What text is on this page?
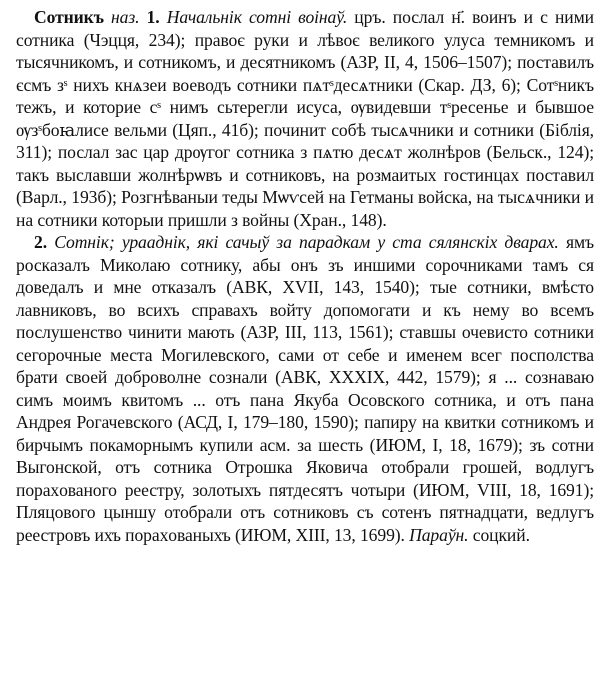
Сотникъ наз. 1. Начальнік сотні воінаў. цръ. послал н҃. воинъ и с ними сотника (Чэцця, 234); правоє руки и лѣвоє великого улуса темникомъ и тысячникомъ, и сотникомъ, и десятникомъ (АЗР, II, 4, 1506–1507); поставилъ єсмъ зˢ нихъ кнѧзеи воеводъ сотники пѧтˢдесѧтники (Скар. ДЗ, 6); Сотˢникъ тежъ, и которие сˢ нимъ сьтерегли исуса, ѹвидевши тˢресенье и бывшое ѹзˢбоꙗлисе вельми (Цяп., 41б); починит собѣ тысѧчники и сотники (Біблія, 311); послал зас цар дрѹгог сотника з пѧтю десѧт жолнѣров (Бельск., 124); такъ выславши жолнѣрѡвъ и сотниковъ, на розмаитых гостинцах поставил (Варл., 193б); Розгнѣваныи теды Мѡѵсей на Гетманы войска, на тысѧчники и на сотники которыи пришли з войны (Хран., 148).

2. Сотнік; урааднік, які сачыў за парадкам у ста сялянскіх двараx. ямъ росказалъ Миколаю сотнику, абы онъ зъ иншими сорочниками тамъ ся доведалъ и мне отказалъ (АВК, XVII, 143, 1540); тые сотники, вмѣсто лавниковъ, во всихъ справахъ войту допомогати и къ нему во всемъ послушенство чинити мають (АЗР, III, 113, 1561); ставшы очевисто сотники сегорочные места Могилевского, сами от себе и именем всег посполства брати своей доброволне сознали (АВК, XXXIX, 442, 1579); я ... сознаваю симъ моимъ квитомъ ... отъ пана Якуба Осовского сотника, и отъ пана Андрея Рогачевского (АСД, I, 179–180, 1590); папиру на квитки сотникомъ и бирчымъ покаморнымъ купили асм. за шесть (ИЮМ, I, 18, 1679); зъ сотни Выгонской, отъ сотника Отрошка Яковича отобрали грошей, водлугъ пораxованого реестру, золотыхъ пятдесятъ чотыри (ИЮМ, VIII, 18, 1691); Пляцового цыншу отобрали отъ сотниковъ съ сотенъ пятнадцати, ведлугъ реестровъ ихъ пораxованыхъ (ИЮМ, XIII, 13, 1699). Параўн. соцкий.
